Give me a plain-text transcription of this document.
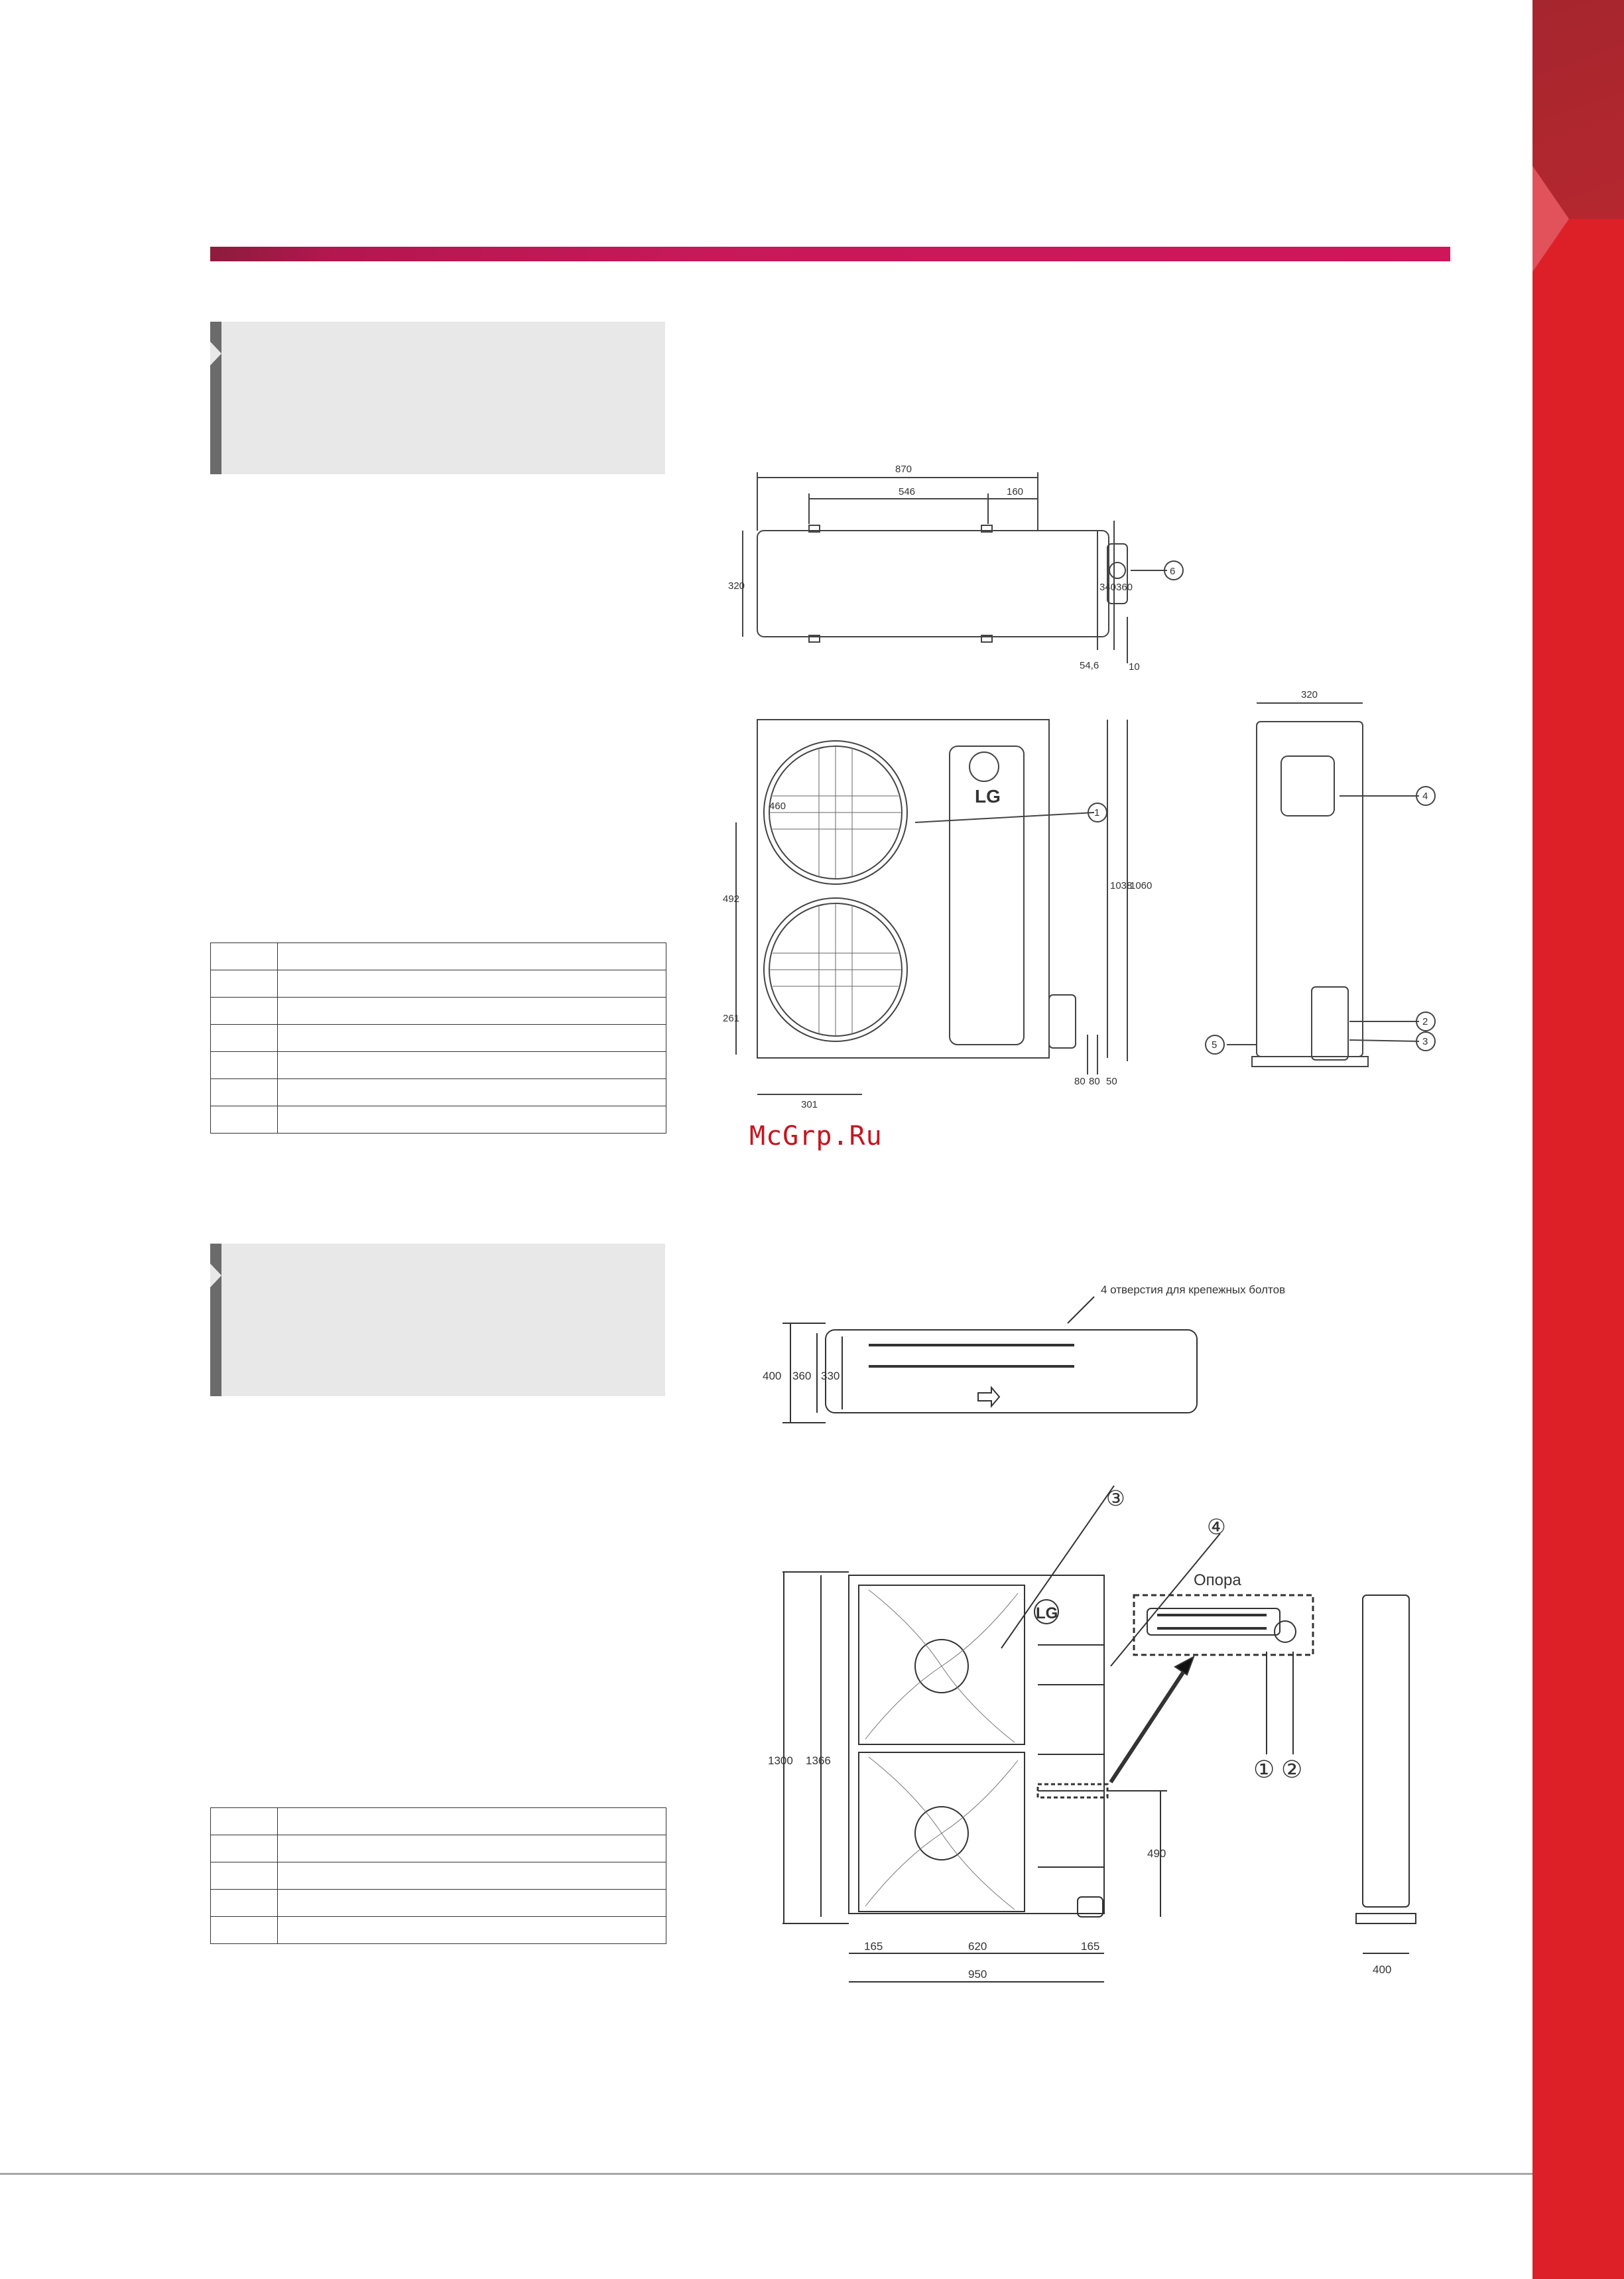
McGrp.Ru
870
546	160
320	340 360
54,6	10
6
460
492
261
301
1038
1060
80 80 50
LG
1
320
4
2
3
5
4 отверстия для крепежных болтов
400 360 330
Опора
③
④
① ②
1300 1366
490
165	620	165
950	400
LG
